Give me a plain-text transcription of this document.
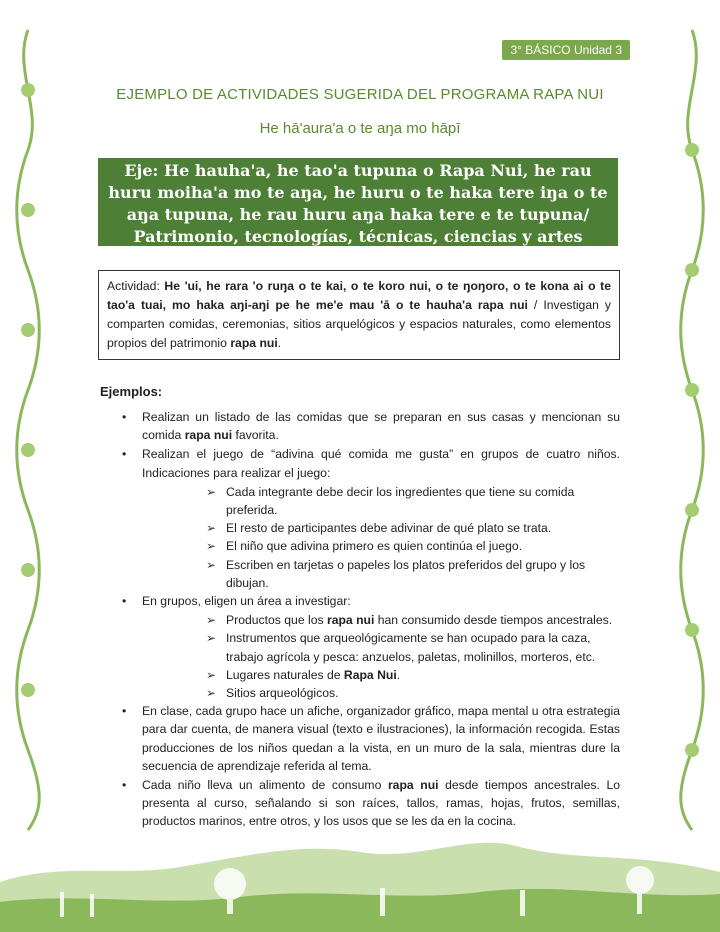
3° BÁSICO Unidad 3
EJEMPLO DE ACTIVIDADES SUGERIDA DEL PROGRAMA RAPA NUI
He hā'aura'a o te aŋa mo hāpī
Eje: He hauha'a, he tao'a tupuna o Rapa Nui, he rau huru moiha'a mo te aŋa, he huru o te haka tere iŋa o te aŋa tupuna, he rau huru aŋa haka tere e te tupuna/ Patrimonio, tecnologías, técnicas, ciencias y artes ancestrales.
Actividad: He 'ui, he rara 'o ruŋa o te kai, o te koro nui, o te ŋoŋoro, o te kona ai o te tao'a tuai, mo haka aŋi-aŋi pe he me'e mau 'ā o te hauha'a rapa nui / Investigan y comparten comidas, ceremonias, sitios arquelógicos y espacios naturales, como elementos propios del patrimonio rapa nui.
Ejemplos:
• Realizan un listado de las comidas que se preparan en sus casas y mencionan su comida rapa nui favorita.
• Realizan el juego de “adivina qué comida me gusta” en grupos de cuatro niños. Indicaciones para realizar el juego:
➢ Cada integrante debe decir los ingredientes que tiene su comida preferida.
➢ El resto de participantes debe adivinar de qué plato se trata.
➢ El niño que adivina primero es quien continúa el juego.
➢ Escriben en tarjetas o papeles los platos preferidos del grupo y los dibujan.
• En grupos, eligen un área a investigar:
➢ Productos que los rapa nui han consumido desde tiempos ancestrales.
➢ Instrumentos que arqueológicamente se han ocupado para la caza, trabajo agrícola y pesca: anzuelos, paletas, molinillos, morteros, etc.
➢ Lugares naturales de Rapa Nui.
➢ Sitios arqueológicos.
• En clase, cada grupo hace un afiche, organizador gráfico, mapa mental u otra estrategia para dar cuenta, de manera visual (texto e ilustraciones), la información recogida. Estas producciones de los niños quedan a la vista, en un muro de la sala, mientras dure la secuencia de aprendizaje referida al tema.
• Cada niño lleva un alimento de consumo rapa nui desde tiempos ancestrales. Lo presenta al curso, señalando si son raíces, tallos, ramas, hojas, frutos, semillas, productos marinos, entre otros, y los usos que se les da en la cocina.
